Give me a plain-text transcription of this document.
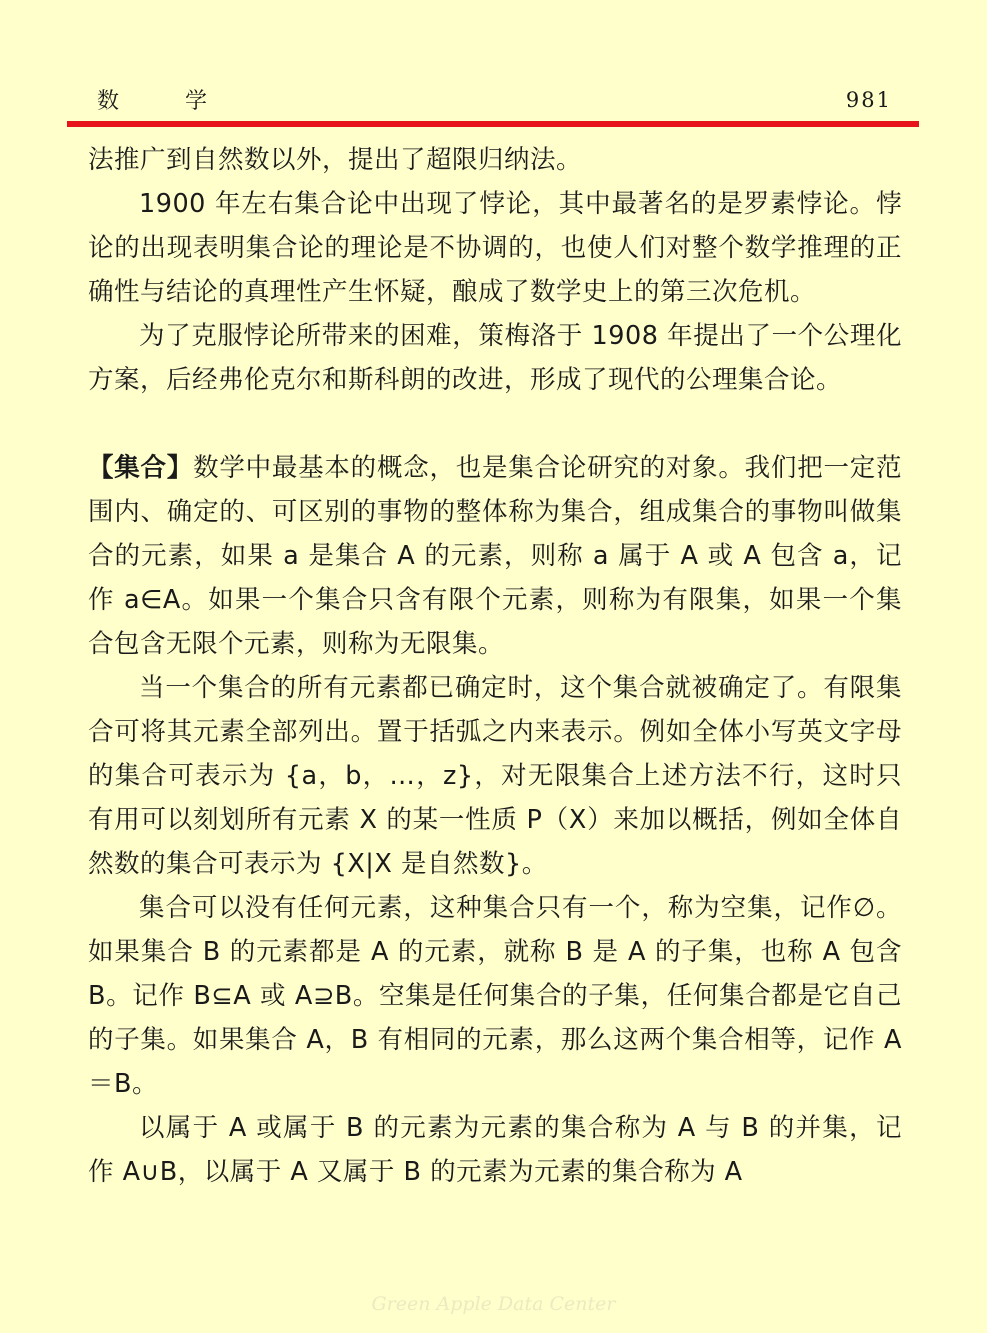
数　学	981

法推广到自然数以外，提出了超限归纳法。

1900 年左右集合论中出现了悖论，其中最著名的是罗素悖论。悖论的出现表明集合论的理论是不协调的，也使人们对整个数学推理的正确性与结论的真理性产生怀疑，酿成了数学史上的第三次危机。

为了克服悖论所带来的困难，策梅洛于 1908 年提出了一个公理化方案，后经弗伦克尔和斯科朗的改进，形成了现代的公理集合论。

【集合】数学中最基本的概念，也是集合论研究的对象。我们把一定范围内、确定的、可区别的事物的整体称为集合，组成集合的事物叫做集合的元素，如果 a 是集合 A 的元素，则称 a 属于 A 或 A 包含 a，记作 a∈A。如果一个集合只含有限个元素，则称为有限集，如果一个集合包含无限个元素，则称为无限集。

当一个集合的所有元素都已确定时，这个集合就被确定了。有限集合可将其元素全部列出。置于括弧之内来表示。例如全体小写英文字母的集合可表示为 {a，b，…，z}，对无限集合上述方法不行，这时只有用可以刻划所有元素 X 的某一性质 P（X）来加以概括，例如全体自然数的集合可表示为 {X|X 是自然数}。

集合可以没有任何元素，这种集合只有一个，称为空集，记作∅。如果集合 B 的元素都是 A 的元素，就称 B 是 A 的子集，也称 A 包含 B。记作 B⊆A 或 A⊇B。空集是任何集合的子集，任何集合都是它自己的子集。如果集合 A，B 有相同的元素，那么这两个集合相等，记作 A＝B。

以属于 A 或属于 B 的元素为元素的集合称为 A 与 B 的并集，记作 A∪B，以属于 A 又属于 B 的元素为元素的集合称为 A

Green Apple Data Center
